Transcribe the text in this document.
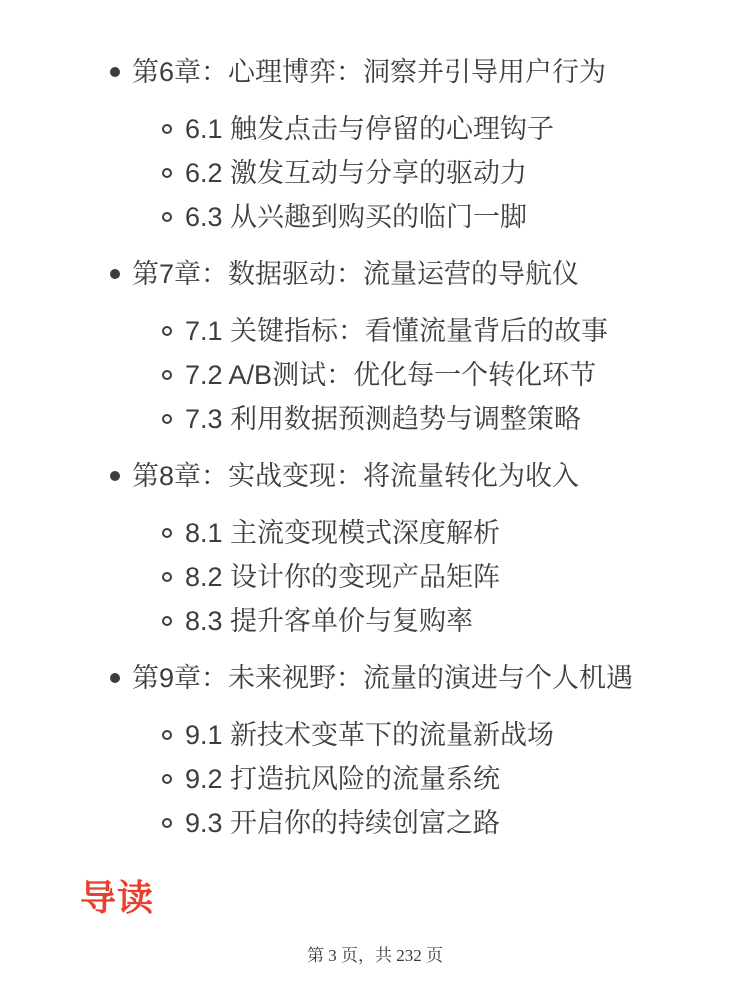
第6章：心理博弈：洞察并引导用户行为
6.1 触发点击与停留的心理钩子
6.2 激发互动与分享的驱动力
6.3 从兴趣到购买的临门一脚
第7章：数据驱动：流量运营的导航仪
7.1 关键指标：看懂流量背后的故事
7.2 A/B测试：优化每一个转化环节
7.3 利用数据预测趋势与调整策略
第8章：实战变现：将流量转化为收入
8.1 主流变现模式深度解析
8.2 设计你的变现产品矩阵
8.3 提升客单价与复购率
第9章：未来视野：流量的演进与个人机遇
9.1 新技术变革下的流量新战场
9.2 打造抗风险的流量系统
9.3 开启你的持续创富之路
导读
第 3 页，共 232 页
